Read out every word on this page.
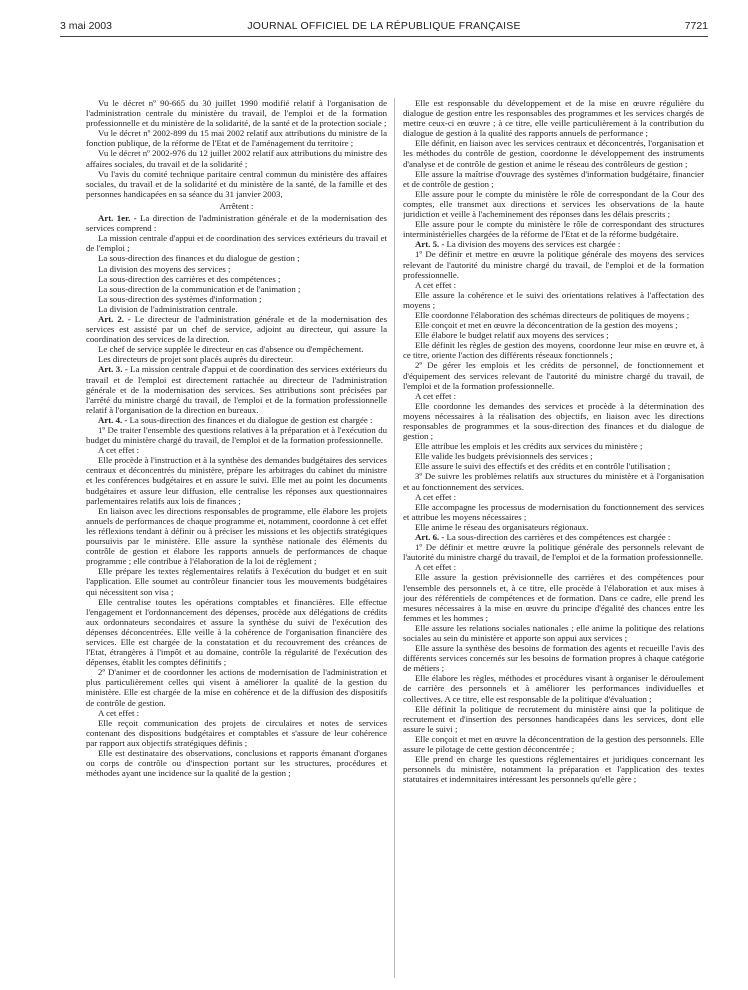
3 mai 2003	JOURNAL OFFICIEL DE LA RÉPUBLIQUE FRANÇAISE	7721

Vu le décret nº 90-665 du 30 juillet 1990 modifié relatif à l'organisation de l'administration centrale du ministère du travail, de l'emploi et de la formation professionnelle et du ministère de la solidarité, de la santé et de la protection sociale ;

Vu le décret nº 2002-899 du 15 mai 2002 relatif aux attributions du ministre de la fonction publique, de la réforme de l'Etat et de l'aménagement du territoire ;

Vu le décret nº 2002-976 du 12 juillet 2002 relatif aux attributions du ministre des affaires sociales, du travail et de la solidarité ;

Vu l'avis du comité technique paritaire central commun du ministère des affaires sociales, du travail et de la solidarité et du ministère de la santé, de la famille et des personnes handicapées en sa séance du 31 janvier 2003,

Arrêtent :

Art. 1er. - La direction de l'administration générale et de la modernisation des services comprend :

La mission centrale d'appui et de coordination des services extérieurs du travail et de l'emploi ;

La sous-direction des finances et du dialogue de gestion ;

La division des moyens des services ;

La sous-direction des carrières et des compétences ;

La sous-direction de la communication et de l'animation ;

La sous-direction des systèmes d'information ;

La division de l'administration centrale.

Art. 2. - Le directeur de l'administration générale et de la modernisation des services est assisté par un chef de service, adjoint au directeur, qui assure la coordination des services de la direction.

Le chef de service supplée le directeur en cas d'absence ou d'empêchement.

Les directeurs de projet sont placés auprès du directeur.

Art. 3. - La mission centrale d'appui et de coordination des services extérieurs du travail et de l'emploi est directement rattachée au directeur de l'administration générale et de la modernisation des services. Ses attributions sont précisées par l'arrêté du ministre chargé du travail, de l'emploi et de la formation professionnelle relatif à l'organisation de la direction en bureaux.

Art. 4. - La sous-direction des finances et du dialogue de gestion est chargée :

1º De traiter l'ensemble des questions relatives à la préparation et à l'exécution du budget du ministère chargé du travail, de l'emploi et de la formation professionnelle.

A cet effet :

Elle procède à l'instruction et à la synthèse des demandes budgétaires des services centraux et déconcentrés du ministère, prépare les arbitrages du cabinet du ministre et les conférences budgétaires et en assure le suivi. Elle met au point les documents budgétaires et assure leur diffusion, elle centralise les réponses aux questionnaires parlementaires relatifs aux lois de finances ;

En liaison avec les directions responsables de programme, elle élabore les projets annuels de performances de chaque programme et, notamment, coordonne à cet effet les réflexions tendant à définir ou à préciser les missions et les objectifs stratégiques poursuivis par le ministère. Elle assure la synthèse nationale des éléments du contrôle de gestion et élabore les rapports annuels de performances de chaque programme ; elle contribue à l'élaboration de la loi de règlement ;

Elle prépare les textes réglementaires relatifs à l'exécution du budget et en suit l'application. Elle soumet au contrôleur financier tous les mouvements budgétaires qui nécessitent son visa ;

Elle centralise toutes les opérations comptables et financières. Elle effectue l'engagement et l'ordonnancement des dépenses, procède aux délégations de crédits aux ordonnateurs secondaires et assure la synthèse du suivi de l'exécution des dépenses déconcentrées. Elle veille à la cohérence de l'organisation financière des services. Elle est chargée de la constatation et du recouvrement des créances de l'Etat, étrangères à l'impôt et au domaine, contrôle la régularité de l'exécution des dépenses, établit les comptes définitifs ;

2º D'animer et de coordonner les actions de modernisation de l'administration et plus particulièrement celles qui visent à améliorer la qualité de la gestion du ministère. Elle est chargée de la mise en cohérence et de la diffusion des dispositifs de contrôle de gestion.

A cet effet :

Elle reçoit communication des projets de circulaires et notes de services contenant des dispositions budgétaires et comptables et s'assure de leur cohérence par rapport aux objectifs stratégiques définis ;

Elle est destinataire des observations, conclusions et rapports émanant d'organes ou corps de contrôle ou d'inspection portant sur les structures, procédures et méthodes ayant une incidence sur la qualité de la gestion ;

Elle est responsable du développement et de la mise en œuvre régulière du dialogue de gestion entre les responsables des programmes et les services chargés de mettre ceux-ci en œuvre ; à ce titre, elle veille particulièrement à la contribution du dialogue de gestion à la qualité des rapports annuels de performance ;

Elle définit, en liaison avec les services centraux et déconcentrés, l'organisation et les méthodes du contrôle de gestion, coordonne le développement des instruments d'analyse et de contrôle de gestion et anime le réseau des contrôleurs de gestion ;

Elle assure la maîtrise d'ouvrage des systèmes d'information budgétaire, financier et de contrôle de gestion ;

Elle assure pour le compte du ministère le rôle de correspondant de la Cour des comptes, elle transmet aux directions et services les observations de la haute juridiction et veille à l'acheminement des réponses dans les délais prescrits ;

Elle assure pour le compte du ministère le rôle de correspondant des structures interministérielles chargées de la réforme de l'Etat et de la réforme budgétaire.

Art. 5. - La division des moyens des services est chargée :

1º De définir et mettre en œuvre la politique générale des moyens des services relevant de l'autorité du ministre chargé du travail, de l'emploi et de la formation professionnelle.

A cet effet :

Elle assure la cohérence et le suivi des orientations relatives à l'affectation des moyens ;

Elle coordonne l'élaboration des schémas directeurs de politiques de moyens ;

Elle conçoit et met en œuvre la déconcentration de la gestion des moyens ;

Elle élabore le budget relatif aux moyens des services ;

Elle définit les règles de gestion des moyens, coordonne leur mise en œuvre et, à ce titre, oriente l'action des différents réseaux fonctionnels ;

2º De gérer les emplois et les crédits de personnel, de fonctionnement et d'équipement des services relevant de l'autorité du ministre chargé du travail, de l'emploi et de la formation professionnelle.

A cet effet :

Elle coordonne les demandes des services et procède à la détermination des moyens nécessaires à la réalisation des objectifs, en liaison avec les directions responsables de programmes et la sous-direction des finances et du dialogue de gestion ;

Elle attribue les emplois et les crédits aux services du ministère ;

Elle valide les budgets prévisionnels des services ;

Elle assure le suivi des effectifs et des crédits et en contrôle l'utilisation ;

3º De suivre les problèmes relatifs aux structures du ministère et à l'organisation et au fonctionnement des services.

A cet effet :

Elle accompagne les processus de modernisation du fonctionnement des services et attribue les moyens nécessaires ;

Elle anime le réseau des organisateurs régionaux.

Art. 6. - La sous-direction des carrières et des compétences est chargée :

1º De définir et mettre œuvre la politique générale des personnels relevant de l'autorité du ministre chargé du travail, de l'emploi et de la formation professionnelle.

A cet effet :

Elle assure la gestion prévisionnelle des carrières et des compétences pour l'ensemble des personnels et, à ce titre, elle procède à l'élaboration et aux mises à jour des référentiels de compétences et de formation. Dans ce cadre, elle prend les mesures nécessaires à la mise en œuvre du principe d'égalité des chances entre les femmes et les hommes ;

Elle assure les relations sociales nationales ; elle anime la politique des relations sociales au sein du ministère et apporte son appui aux services ;

Elle assure la synthèse des besoins de formation des agents et recueille l'avis des différents services concernés sur les besoins de formation propres à chaque catégorie de métiers ;

Elle élabore les règles, méthodes et procédures visant à organiser le déroulement de carrière des personnels et à améliorer les performances individuelles et collectives. A ce titre, elle est responsable de la politique d'évaluation ;

Elle définit la politique de recrutement du ministère ainsi que la politique de recrutement et d'insertion des personnes handicapées dans les services, dont elle assure le suivi ;

Elle conçoit et met en œuvre la déconcentration de la gestion des personnels. Elle assure le pilotage de cette gestion déconcentrée ;

Elle prend en charge les questions réglementaires et juridiques concernant les personnels du ministère, notamment la préparation et l'application des textes statutaires et indemnitaires intéressant les personnels qu'elle gère ;
